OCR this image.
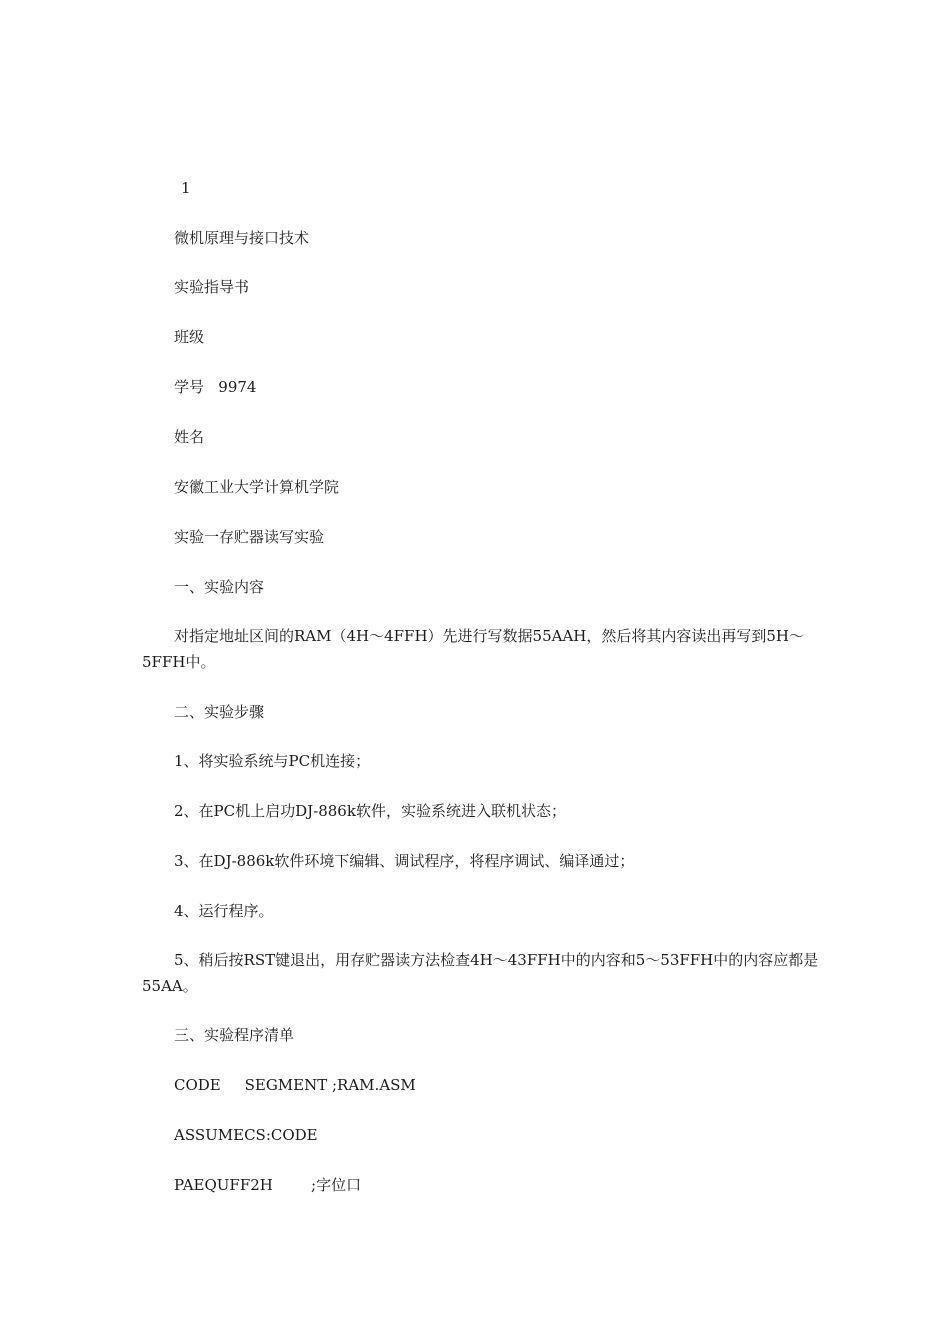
1
微机原理与接口技术
实验指导书
班级
学号   9974
姓名
安徽工业大学计算机学院
实验一存贮器读写实验
一、实验内容
对指定地址区间的RAM（4H～4FFH）先进行写数据55AAH，然后将其内容读出再写到5H～5FFH中。
二、实验步骤
1、将实验系统与PC机连接；
2、在PC机上启功DJ-886k软件，实验系统进入联机状态；
3、在DJ-886k软件环境下编辑、调试程序，将程序调试、编译通过；
4、运行程序。
5、稍后按RST键退出，用存贮器读方法检查4H～43FFH中的内容和5～53FFH中的内容应都是55AA。
三、实验程序清单
CODE     SEGMENT ;RAM.ASM
ASSUMECS:CODE
PAEQUFF2H        ;字位口
